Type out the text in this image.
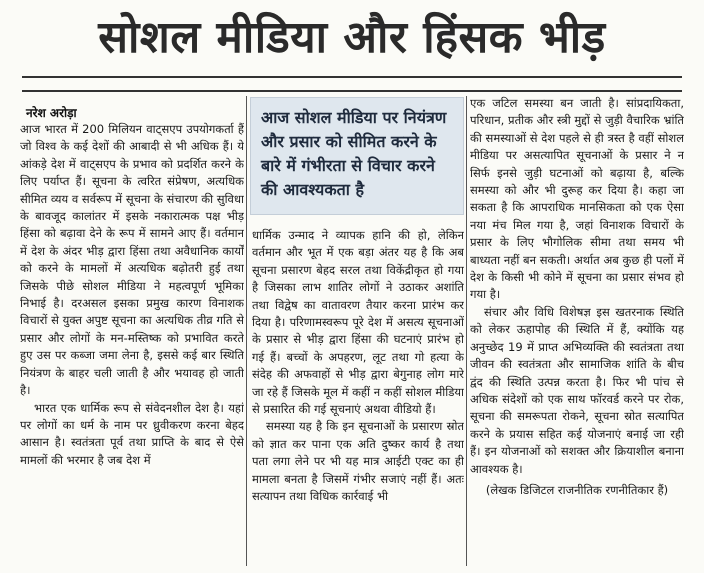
सोशल मीडिया और हिंसक भीड़
नरेश अरोड़ा

आज भारत में 200 मिलियन वाट्सएप उपयोगकर्ता हैं जो विश्व के कई देशों की आबादी से भी अधिक हैं। ये आंकड़े देश में वाट्सएप के प्रभाव को प्रदर्शित करने के लिए पर्याप्त हैं। सूचना के त्वरित संप्रेषण, अत्यधिक सीमित व्यय व सर्वरूप में सूचना के संचारण की सुविधा के बावजूद कालांतर में इसके नकारात्मक पक्ष भीड़ हिंसा को बढ़ावा देने के रूप में सामने आए हैं। वर्तमान में देश के अंदर भीड़ द्वारा हिंसा तथा अवैधानिक कार्यों को करने के मामलों में अत्यधिक बढ़ोतरी हुई तथा जिसके पीछे सोशल मीडिया ने महत्वपूर्ण भूमिका निभाई है। दरअसल इसका प्रमुख कारण विनाशक विचारों से युक्त अपुष्ट सूचना का अत्यधिक तीव्र गति से प्रसार और लोगों के मन-मस्तिष्क को प्रभावित करते हुए उस पर कब्जा जमा लेना है, इससे कई बार स्थिति नियंत्रण के बाहर चली जाती है और भयावह हो जाती है।

भारत एक धार्मिक रूप से संवेदनशील देश है। यहां पर लोगों का धर्म के नाम पर ध्रुवीकरण करना बेहद आसान है। स्वतंत्रता पूर्व तथा प्राप्ति के बाद से ऐसे मामलों की भरमार है जब देश में

आज सोशल मीडिया पर नियंत्रण और प्रसार को सीमित करने के बारे में गंभीरता से विचार करने की आवश्यकता है

धार्मिक उन्माद ने व्यापक हानि की हो, लेकिन वर्तमान और भूत में एक बड़ा अंतर यह है कि अब सूचना प्रसारण बेहद सरल तथा विकेंद्रीकृत हो गया है जिसका लाभ शातिर लोगों ने उठाकर अशांति तथा विद्वेष का वातावरण तैयार करना प्रारंभ कर दिया है। परिणामस्वरूप पूरे देश में असत्य सूचनाओं के प्रसार से भीड़ द्वारा हिंसा की घटनाएं प्रारंभ हो गई हैं। बच्चों के अपहरण, लूट तथा गो हत्या के संदेह की अफवाहों से भीड़ द्वारा बेगुनाह लोग मारे जा रहे हैं जिसके मूल में कहीं न कहीं सोशल मीडिया से प्रसारित की गई सूचनाएं अथवा वीडियो हैं।

समस्या यह है कि इन सूचनाओं के प्रसारण स्रोत को ज्ञात कर पाना एक अति दुष्कर कार्य है तथा पता लगा लेने पर भी यह मात्र आईटी एक्ट का ही मामला बनता है जिसमें गंभीर सजाएं नहीं हैं। अतः सत्यापन तथा विधिक कार्रवाई भी

एक जटिल समस्या बन जाती है। सांप्रदायिकता, परिधान, प्रतीक और स्त्री मुद्दों से जुड़ी वैचारिक भ्रांति की समस्याओं से देश पहले से ही त्रस्त है वहीं सोशल मीडिया पर असत्यापित सूचनाओं के प्रसार ने न सिर्फ इनसे जुड़ी घटनाओं को बढ़ाया है, बल्कि समस्या को और भी दुरूह कर दिया है। कहा जा सकता है कि आपराधिक मानसिकता को एक ऐसा नया मंच मिल गया है, जहां विनाशक विचारों के प्रसार के लिए भौगोलिक सीमा तथा समय भी बाध्यता नहीं बन सकती। अर्थात अब कुछ ही पलों में देश के किसी भी कोने में सूचना का प्रसार संभव हो गया है।

संचार और विधि विशेषज्ञ इस खतरनाक स्थिति को लेकर ऊहापोह की स्थिति में हैं, क्योंकि यह अनुच्छेद 19 में प्राप्त अभिव्यक्ति की स्वतंत्रता तथा जीवन की स्वतंत्रता और सामाजिक शांति के बीच द्वंद की स्थिति उत्पन्न करता है। फिर भी पांच से अधिक संदेशों को एक साथ फॉरवर्ड करने पर रोक, सूचना की समरूपता रोकने, सूचना स्रोत सत्यापित करने के प्रयास सहित कई योजनाएं बनाई जा रही हैं। इन योजनाओं को सशक्त और क्रियाशील बनाना आवश्यक है।

(लेखक डिजिटल राजनीतिक रणनीतिकार हैं)
